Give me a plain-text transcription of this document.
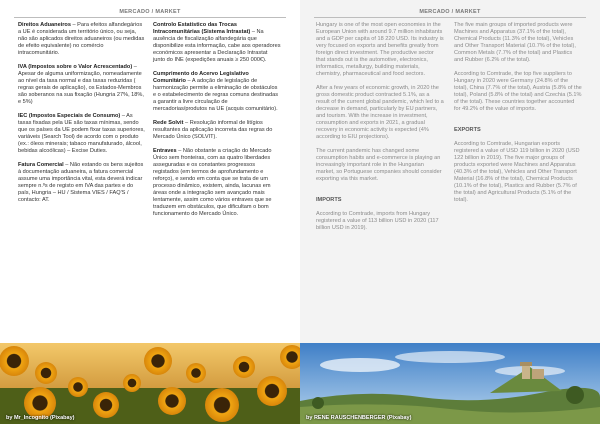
MERCADO / MARKET

Direitos Aduaneiros – Para efeitos alfandegários a UE é considerada um território único, ou seja, não são aplicados direitos aduaneiros (ou medidas de efeito equivalente) no comércio intracomunitário.

IVA (Impostos sobre o Valor Acrescentado) – Apesar de alguma uniformização, nomeadamente ao nível da taxa normal e das taxas reduzidas ( regras gerais de aplicação), os Estados-Membros são soberanos na sua fixação (Hungria 27%, 18%, e 5%)

IEC (Impostos Especiais de Consumo) – As taxas fixadas pela UE são taxas mínimas, sendo que os países da UE podem fixar taxas superiores, variáveis (Search Tool) de acordo com o produto (ex.: óleos minerais; tabaco manufaturado, álcool, bebidas alcoólicas) – Excise Duties.

Fatura Comercial – Não estando os bens sujeitos à documentação aduaneira, a fatura comercial assume uma importância vital, esta deverá indicar sempre n.ºs de registo em IVA das partes e do país, Hungria – HU / Sistema VIES / FAQ'S / contacto: AT.

Controlo Estatístico das Trocas Intracomunitárias (Sistema Intrastat) – Na ausência de fiscalização alfandegária que disponibilize esta informação, cabe aos operadores económicos apresentar a Declaração Intrastat junto do INE (expedições anuais ≥ 250 000€).

Cumprimento do Acervo Legislativo Comunitário – A adoção de legislação de harmonização permite a eliminação de obstáculos e o estabelecimento de regras comuns destinadas a garantir a livre circulação de mercadorias/produtos na UE (acquis comunitário).

Rede Solvit – Resolução informal de litígios resultantes da aplicação incorreta das regras do Mercado Único (SOLVIT).

Entraves – Não obstante a criação do Mercado Único sem fronteiras, com as quatro liberdades asseguradas e os constantes progressos registados (em termos de aprofundamento e reforço), e sendo em conta que se trata de um processo dinâmico, existem, ainda, lacunas em áreas onde a integração sem avançado mais lentamente, assim como vários entraves que se traduzem em obstáculos, que dificultam o bom funcionamento do Mercado Único.

by Mr_Incognito (Pixabay)
MERCADO / MARKET

Hungary is one of the most open economies in the European Union with around 9.7 million inhabitants and a GDP per capita of 18 220 USD. Its industry is very focused on exports and benefits greatly from foreign direct investment. The productive sector that stands out is the automotive, electronics, informatics, metallurgy, building materials, chemistry, pharmaceutical and food sectors.

After a few years of economic growth, in 2020 the gross domestic product contracted 5.1%, as a result of the current global pandemic, which led to a decrease in demand, particularly by EU partners, and tourism. With the increase in investment, consumption and exports in 2021, a gradual recovery in economic activity is expected (4% according to EIU projections).

The current pandemic has changed some consumption habits and e-commerce is playing an increasingly important role in the Hungarian market, so Portuguese companies should consider exporting via this market.

IMPORTS

According to Comtrade, imports from Hungary registered a value of 113 billion USD in 2020 (117 billion USD in 2019).

The five main groups of imported products were Machines and Apparatus (37.1% of the total), Chemical Products (11.3% of the total), Vehicles and Other Transport Material (10.7% of the total), Common Metals (7.7% of the total) and Plastics and Rubber (6.2% of the total).

According to Comtrade, the top five suppliers to Hungary in 2020 were Germany (24.8% of the total), China (7.7% of the total), Austria (5.8% of the total), Poland (5.8% of the total) and Czechia (5.1% of the total). These countries together accounted for 49.2% of the value of imports.

EXPORTS

According to Comtrade, Hungarian exports registered a value of USD 119 billion in 2020 (USD 122 billion in 2019). The five major groups of products exported were Machines and Apparatus (40.3% of the total), Vehicles and Other Transport Material (16.8% of the total), Chemical Products (10.1% of the total), Plastics and Rubber (5.7% of the total) and Agricultural Products (5.1% of the total).

by RENE RAUSCHENBERGER (Pixabay)
